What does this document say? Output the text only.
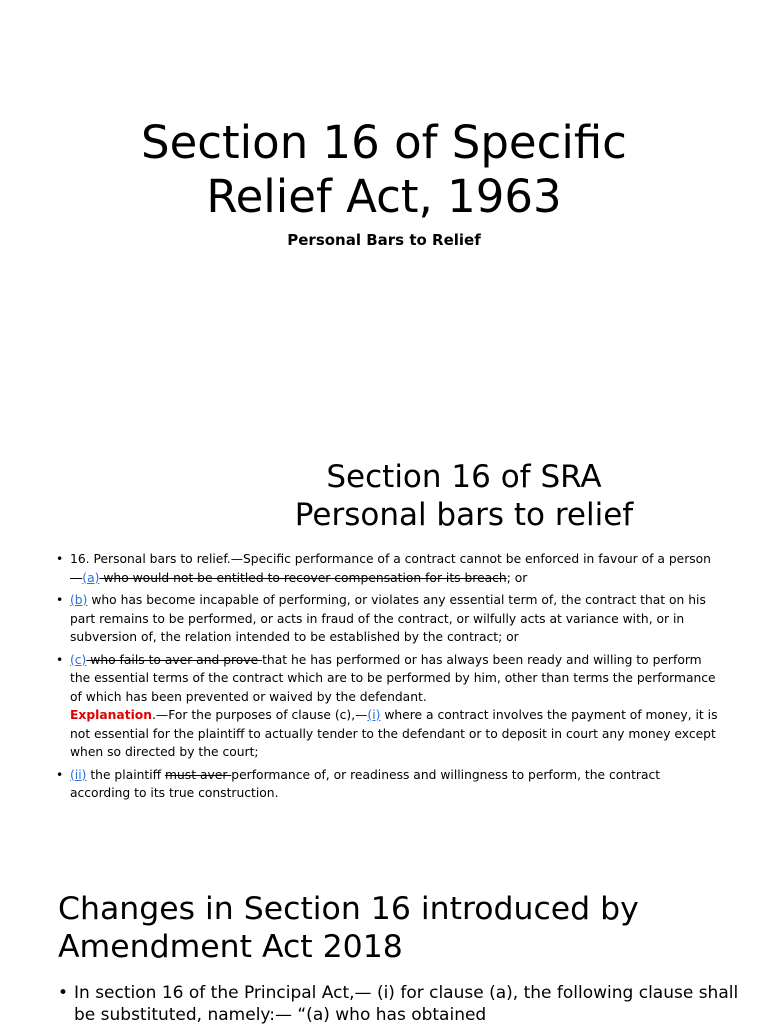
Section 16 of Specific
Relief Act, 1963
Personal Bars to Relief
Section 16 of SRA
Personal bars to relief
• 16. Personal bars to relief.—Specific performance of a contract cannot be enforced in favour of a person—(a) who would not be entitled to recover compensation for its breach; or
• (b) who has become incapable of performing, or violates any essential term of, the contract that on his part remains to be performed, or acts in fraud of the contract, or wilfully acts at variance with, or in subversion of, the relation intended to be established by the contract; or
• (c) who fails to aver and prove that he has performed or has always been ready and willing to perform the essential terms of the contract which are to be performed by him, other than terms the performance of which has been prevented or waived by the defendant.
Explanation.—For the purposes of clause (c),—(i) where a contract involves the payment of money, it is not essential for the plaintiff to actually tender to the defendant or to deposit in court any money except when so directed by the court;
• (ii) the plaintiff must aver performance of, or readiness and willingness to perform, the contract according to its true construction.
Changes in Section 16 introduced by
Amendment Act 2018
• In section 16 of the Principal Act,— (i) for clause (a), the following clause shall be substituted, namely:— “(a) who has obtained
